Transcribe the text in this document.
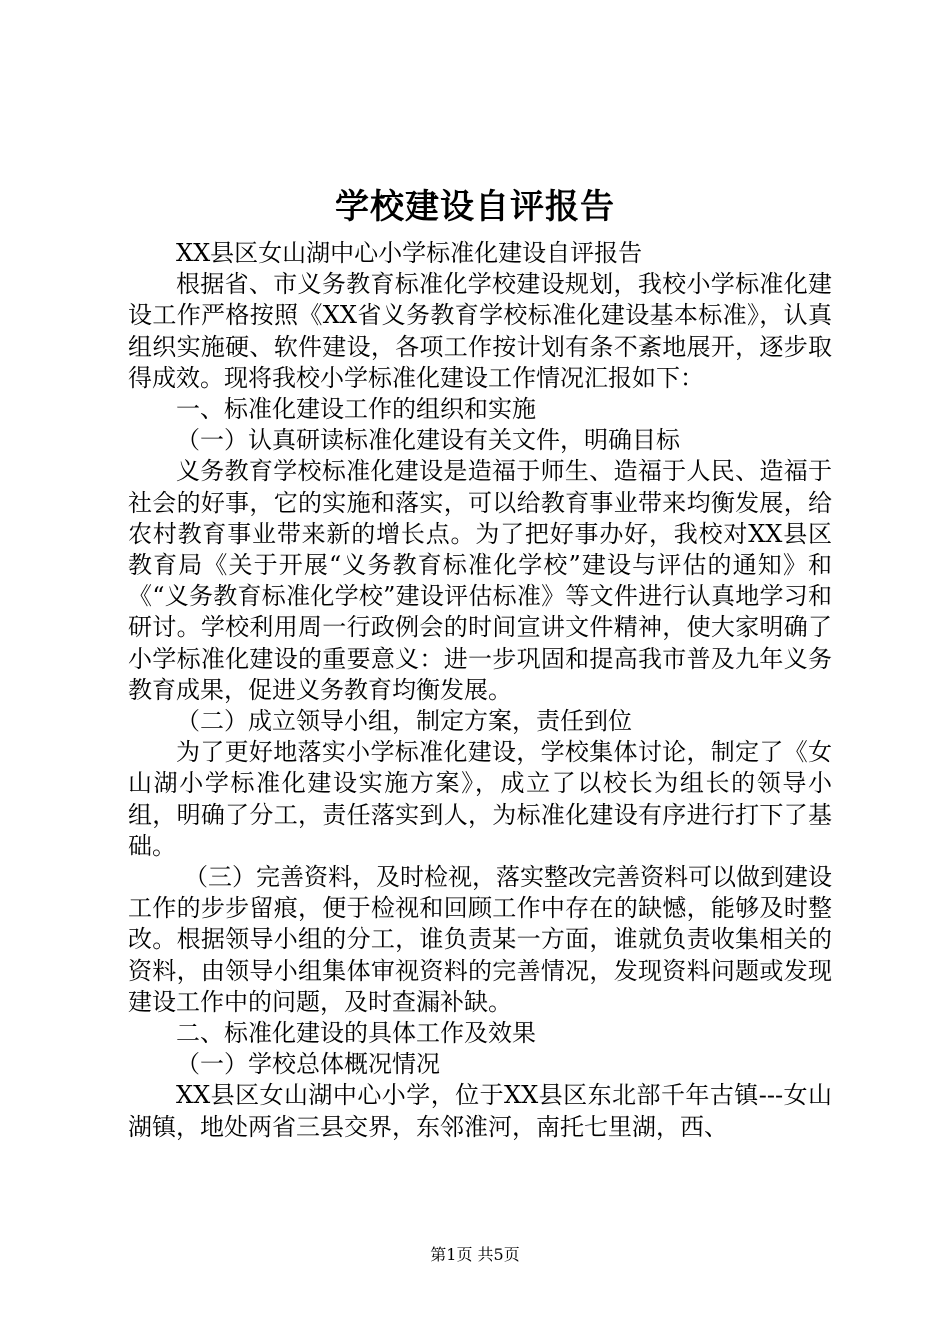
学校建设自评报告

XX县区女山湖中心小学标准化建设自评报告

根据省、市义务教育标准化学校建设规划，我校小学标准化建设工作严格按照《XX省义务教育学校标准化建设基本标准》，认真组织实施硬、软件建设，各项工作按计划有条不紊地展开，逐步取得成效。现将我校小学标准化建设工作情况汇报如下：

一、标准化建设工作的组织和实施

（一）认真研读标准化建设有关文件，明确目标

义务教育学校标准化建设是造福于师生、造福于人民、造福于社会的好事，它的实施和落实，可以给教育事业带来均衡发展，给农村教育事业带来新的增长点。为了把好事办好，我校对XX县区教育局《关于开展“义务教育标准化学校”建设与评估的通知》和《“义务教育标准化学校”建设评估标准》等文件进行认真地学习和研讨。学校利用周一行政例会的时间宣讲文件精神，使大家明确了小学标准化建设的重要意义：进一步巩固和提高我市普及九年义务教育成果，促进义务教育均衡发展。

（二）成立领导小组，制定方案，责任到位

为了更好地落实小学标准化建设，学校集体讨论，制定了《女山湖小学标准化建设实施方案》，成立了以校长为组长的领导小组，明确了分工，责任落实到人，为标准化建设有序进行打下了基础。

（三）完善资料，及时检视，落实整改完善资料可以做到建设工作的步步留痕，便于检视和回顾工作中存在的缺憾，能够及时整改。根据领导小组的分工，谁负责某一方面，谁就负责收集相关的资料，由领导小组集体审视资料的完善情况，发现资料问题或发现建设工作中的问题，及时查漏补缺。

二、标准化建设的具体工作及效果

（一）学校总体概况情况

XX县区女山湖中心小学，位于XX县区东北部千年古镇---女山湖镇，地处两省三县交界，东邻淮河，南托七里湖，西、

第1页 共5页
